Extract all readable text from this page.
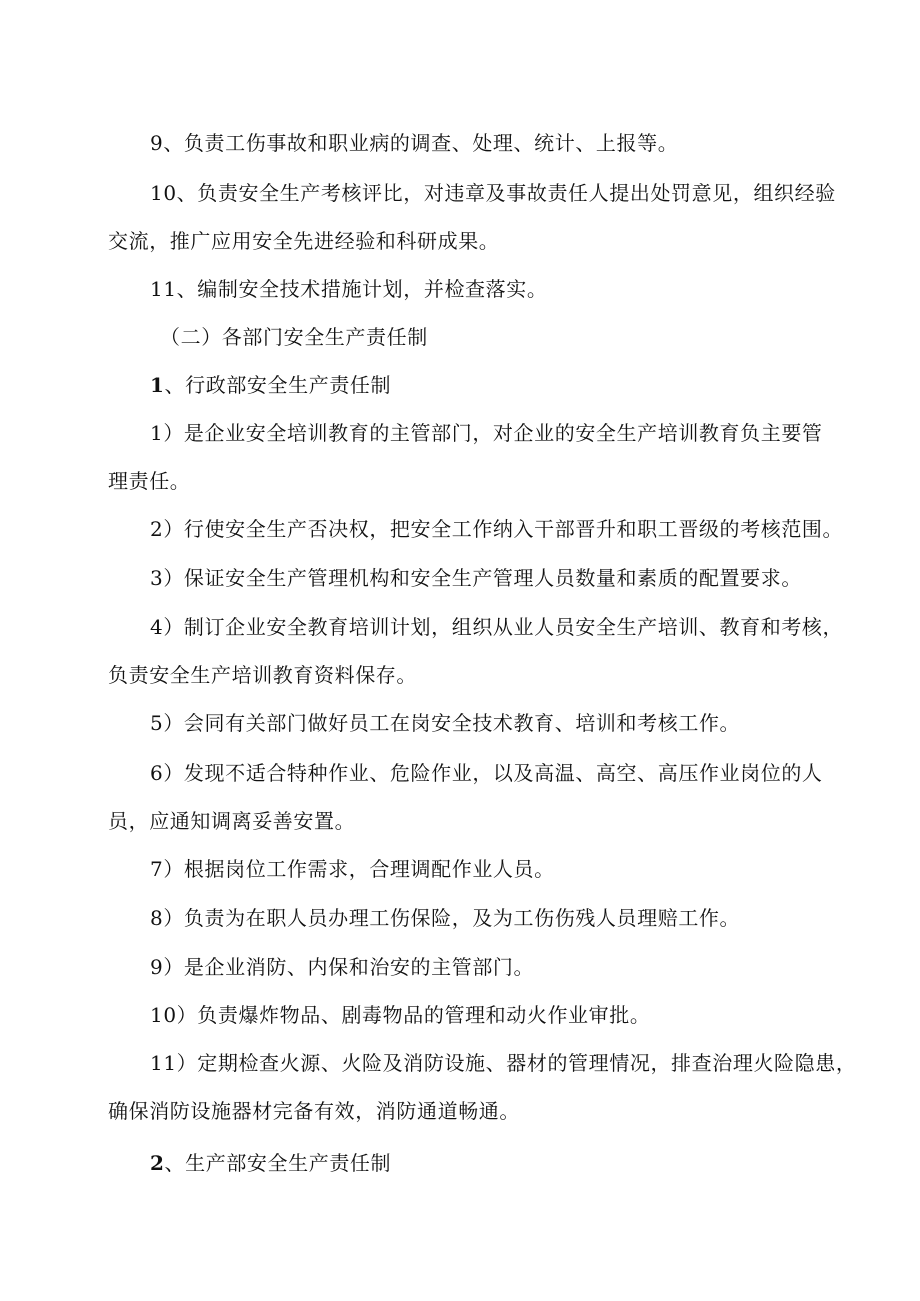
9、负责工伤事故和职业病的调查、处理、统计、上报等。
10、负责安全生产考核评比，对违章及事故责任人提出处罚意见，组织经验
交流，推广应用安全先进经验和科研成果。
11、编制安全技术措施计划，并检查落实。
（二）各部门安全生产责任制
1、行政部安全生产责任制
1）是企业安全培训教育的主管部门，对企业的安全生产培训教育负主要管
理责任。
2）行使安全生产否决权，把安全工作纳入干部晋升和职工晋级的考核范围。
3）保证安全生产管理机构和安全生产管理人员数量和素质的配置要求。
4）制订企业安全教育培训计划，组织从业人员安全生产培训、教育和考核，
负责安全生产培训教育资料保存。
5）会同有关部门做好员工在岗安全技术教育、培训和考核工作。
6）发现不适合特种作业、危险作业，以及高温、高空、高压作业岗位的人
员，应通知调离妥善安置。
7）根据岗位工作需求，合理调配作业人员。
8）负责为在职人员办理工伤保险，及为工伤伤残人员理赔工作。
9）是企业消防、内保和治安的主管部门。
10）负责爆炸物品、剧毒物品的管理和动火作业审批。
11）定期检查火源、火险及消防设施、器材的管理情况，排查治理火险隐患，
确保消防设施器材完备有效，消防通道畅通。
2、生产部安全生产责任制
